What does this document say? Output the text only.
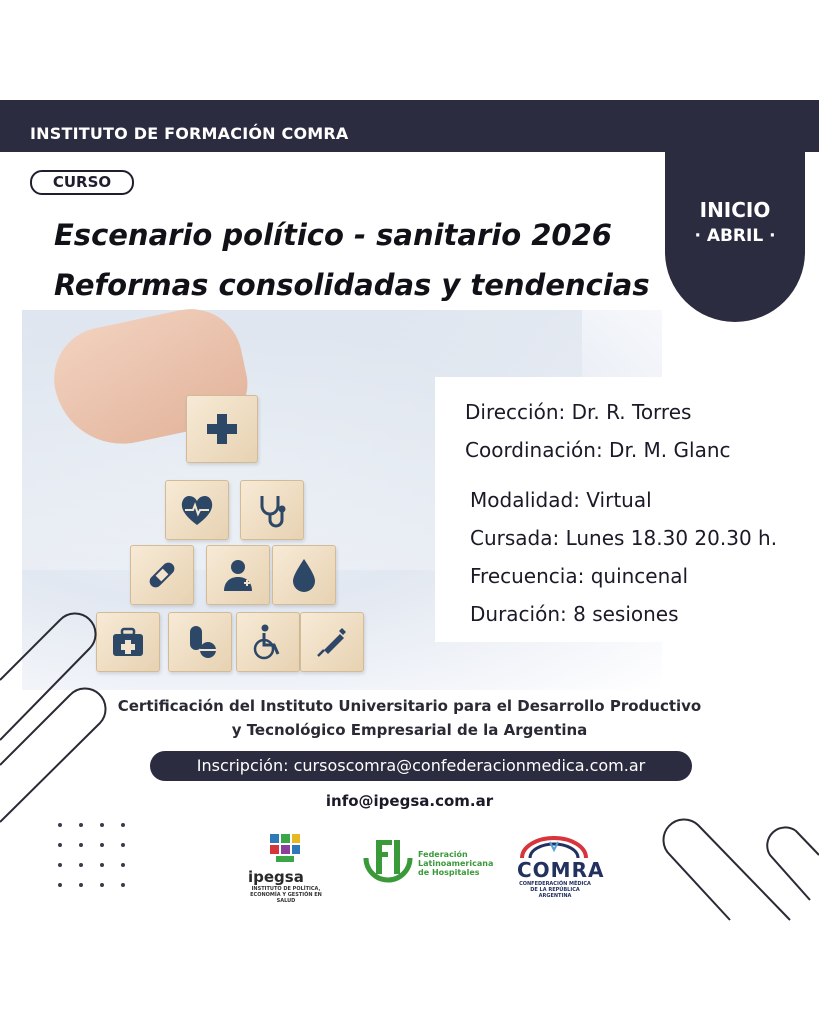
INSTITUTO DE FORMACIÓN COMRA
CURSO
Escenario político - sanitario 2026
Reformas consolidadas y tendencias
INICIO
· ABRIL ·
Dirección: Dr. R. Torres
Coordinación: Dr. M. Glanc
Modalidad: Virtual
Cursada: Lunes 18.30 20.30 h.
Frecuencia: quincenal
Duración: 8 sesiones
Certificación del Instituto Universitario para el Desarrollo Productivo
y Tecnológico Empresarial de la Argentina
Inscripción: cursoscomra@confederacionmedica.com.ar
info@ipegsa.com.ar
ipegsa
INSTITUTO DE POLÍTICA, ECONOMÍA Y GESTIÓN EN SALUD
Federación Latinoamericana de Hospitales	COMRA
CONFEDERACIÓN MÉDICA DE LA REPÚBLICA ARGENTINA
